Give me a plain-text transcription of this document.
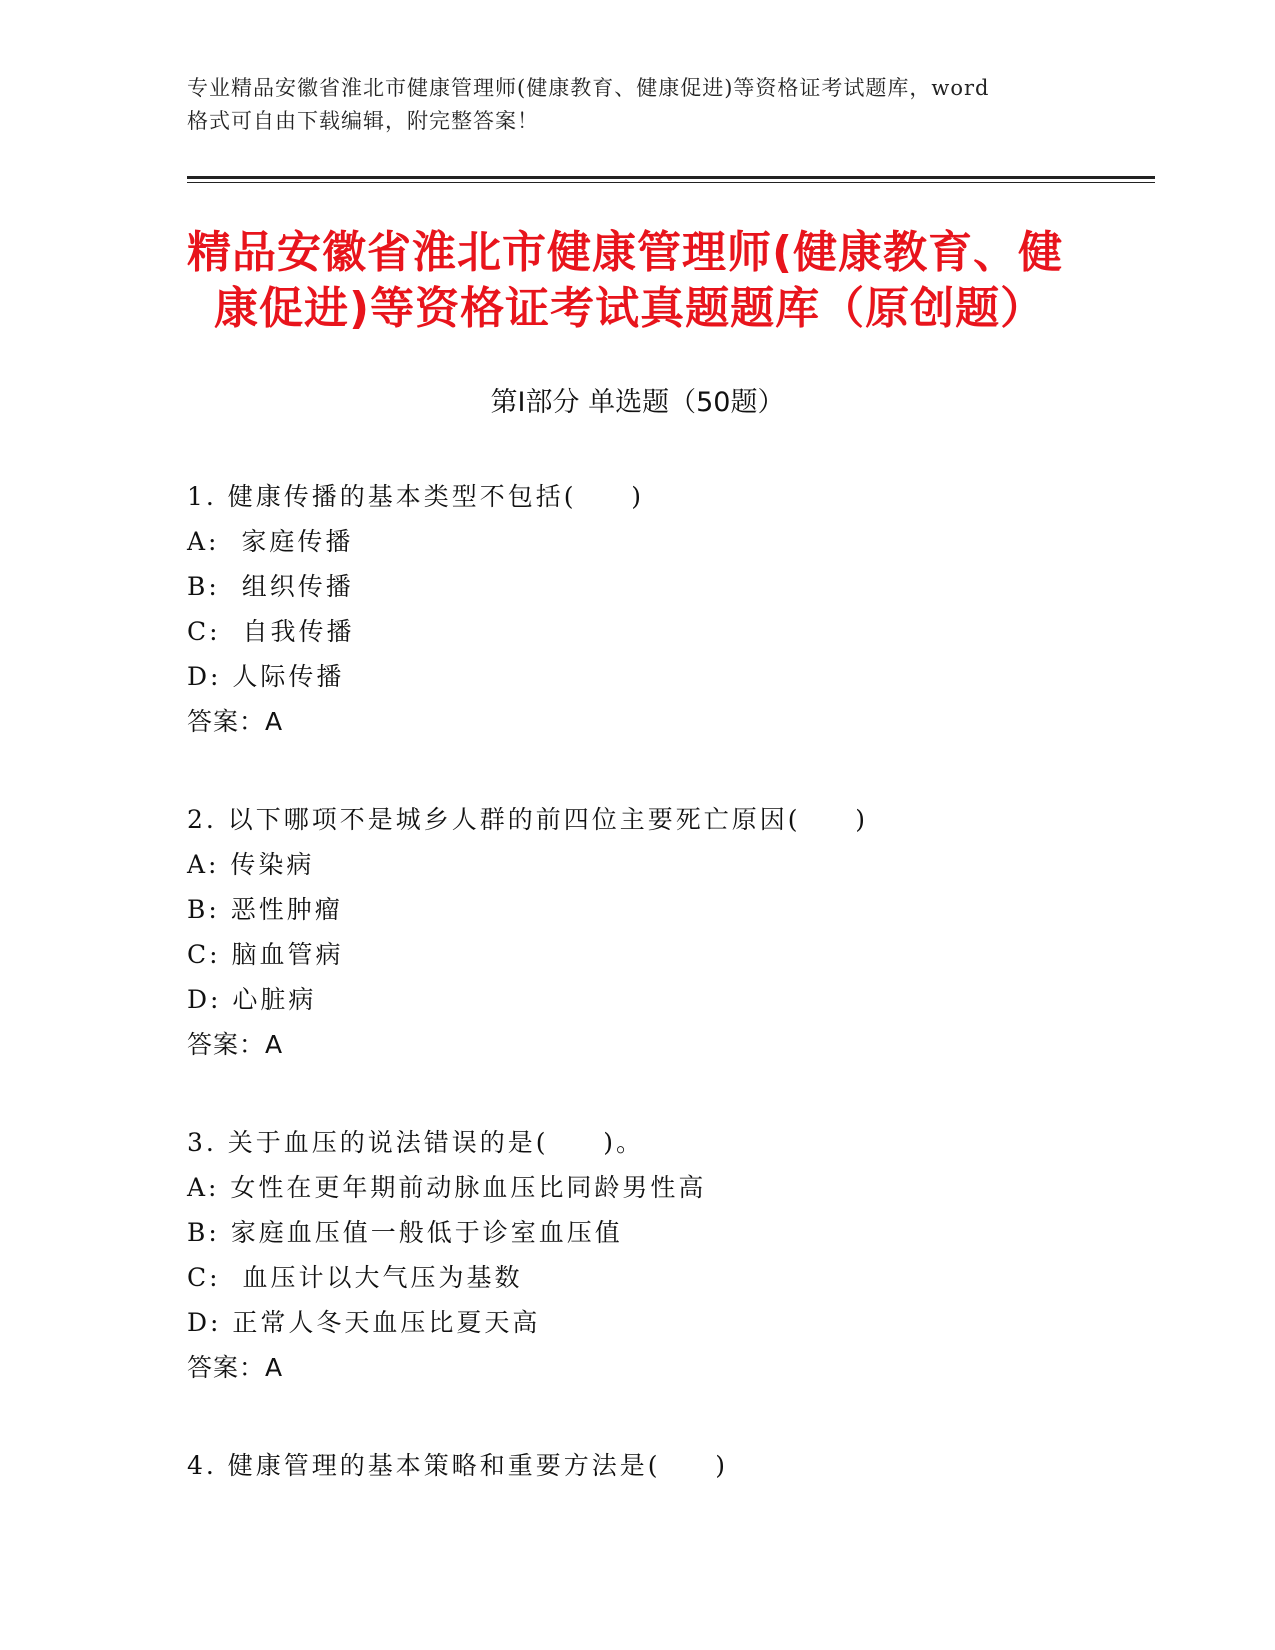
专业精品安徽省淮北市健康管理师(健康教育、健康促进)等资格证考试题库，word
格式可自由下载编辑，附完整答案！
精品安徽省淮北市健康管理师(健康教育、健
康促进)等资格证考试真题题库（原创题）
第Ⅰ部分 单选题（50题）
1. 健康传播的基本类型不包括(     )
A:  家庭传播
B:  组织传播
C:  自我传播
D: 人际传播
答案：A
2. 以下哪项不是城乡人群的前四位主要死亡原因(     )
A: 传染病
B: 恶性肿瘤
C: 脑血管病
D: 心脏病
答案：A
3. 关于血压的说法错误的是(     )。
A: 女性在更年期前动脉血压比同龄男性高
B: 家庭血压值一般低于诊室血压值
C:  血压计以大气压为基数
D: 正常人冬天血压比夏天高
答案：A
4. 健康管理的基本策略和重要方法是(     )
